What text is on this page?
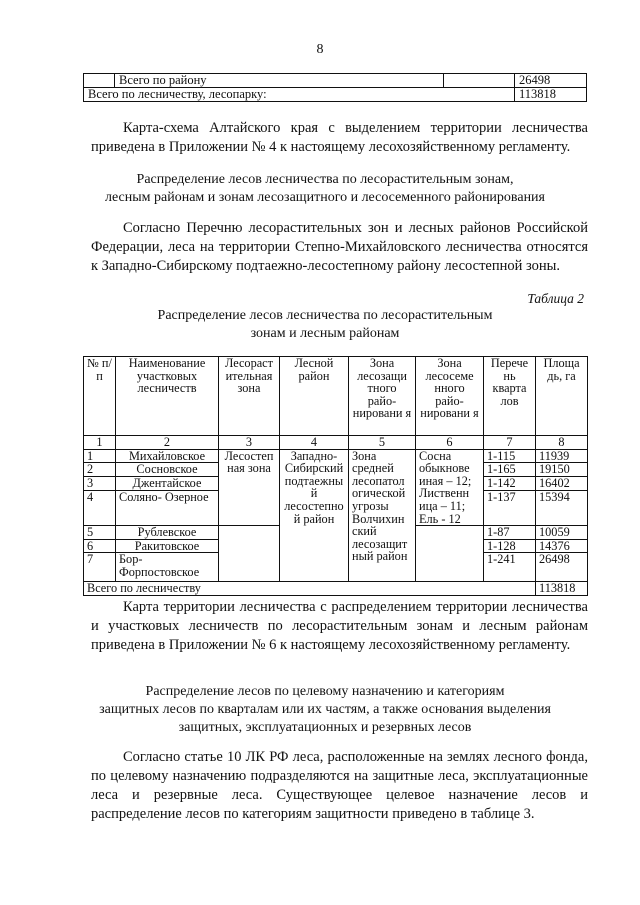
8
	Всего по району		26498
Всего по лесничеству, лесопарку:			113818
Карта-схема Алтайского края с выделением территории лесничества приведена в Приложении № 4 к настоящему лесохозяйственному регламенту.
Распределение лесов лесничества по лесорастительным зонам,
лесным районам и зонам лесозащитного и лесосеменного районирования
Согласно Перечню лесорастительных зон и лесных районов Российской Федерации, леса на территории Степно-Михайловского лесничества относятся к Западно-Сибирскому подтаежно-лесостепному району лесостепной зоны.
Таблица 2
Распределение лесов лесничества по лесорастительным
зонам и лесным районам
№ п/п	Наименование участковых лесничеств	Лесораст ительная зона	Лесной район	Зона лесозащи тного райо- нировани я	Зона лесосеме нного райо- нировани я	Перече нь кварта лов	Площа дь, га
1	2	3	4	5	6	7	8
1	Михайловское	Лесостеп ная зона	Западно- Сибирский подтаежны й лесостепно й район	Зона средней лесопатол огической угрозы Волчихин ский лесозащит ный район	Сосна обыкнове иная – 12; Лиственн ица – 11; Ель - 12	1-115	11939
2	Сосновское					1-165	19150
3	Джентайское					1-142	16402
4	Соляно- Озерное					1-137	15394
5	Рублевское					1-87	10059
6	Ракитовское					1-128	14376
7	Бор- Форпостовское					1-241	26498
Всего по лесничеству							113818
Карта территории лесничества с распределением территории лесничества и участковых лесничеств по лесорастительным зонам и лесным районам приведена в Приложении № 6 к настоящему лесохозяйственному регламенту.
Распределение лесов по целевому назначению и категориям
защитных лесов по кварталам или их частям, а также основания выделения
защитных, эксплуатационных и резервных лесов
Согласно статье 10 ЛК РФ леса, расположенные на землях лесного фонда, по целевому назначению подразделяются на защитные леса, эксплуатационные леса и резервные леса. Существующее целевое назначение лесов и распределение лесов по категориям защитности приведено в таблице 3.
